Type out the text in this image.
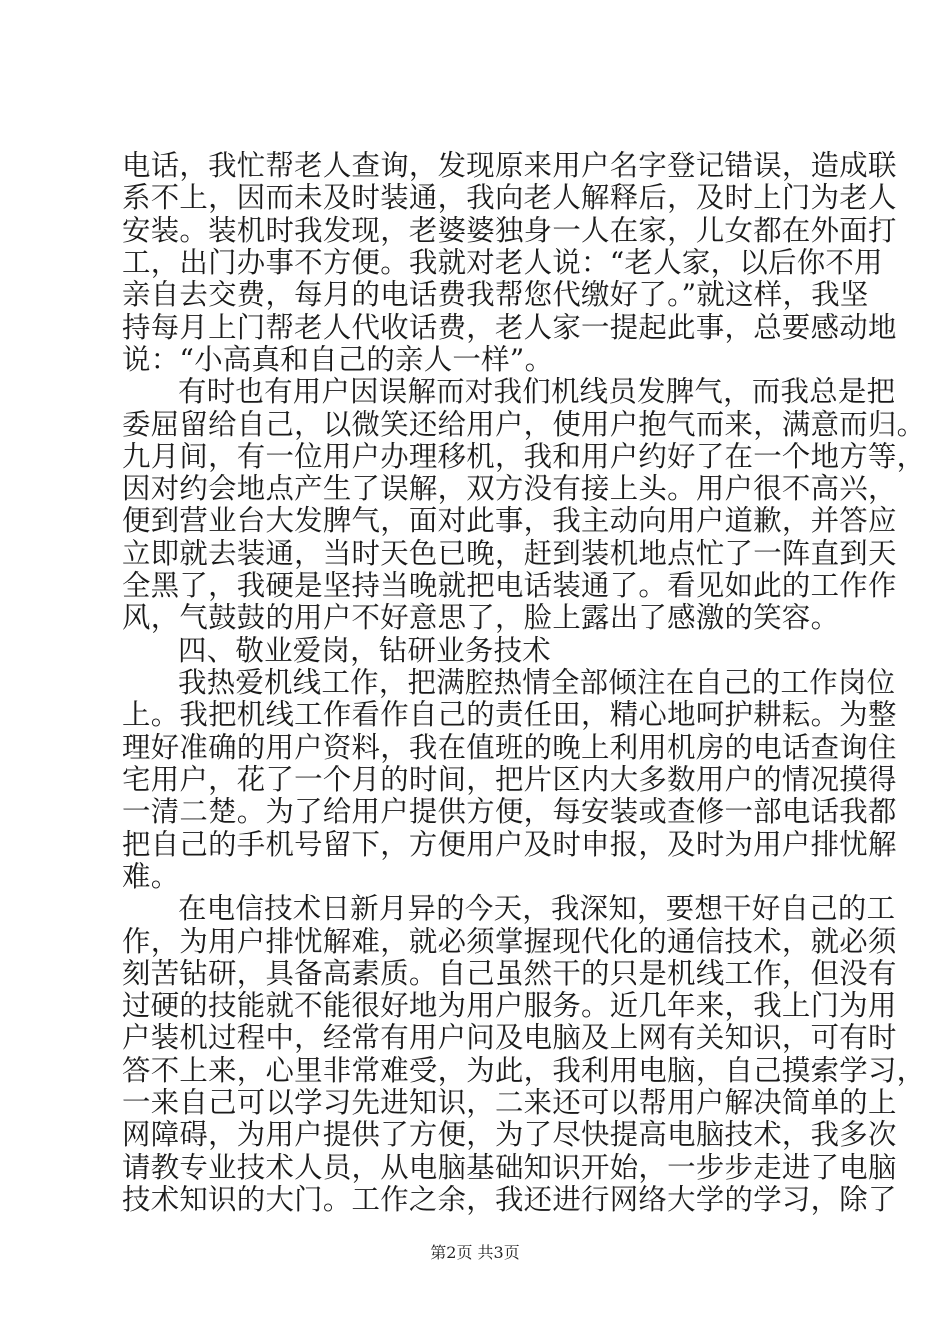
电话，我忙帮老人查询，发现原来用户名字登记错误，造成联
系不上，因而未及时装通，我向老人解释后，及时上门为老人
安装。装机时我发现，老婆婆独身一人在家，儿女都在外面打
工，出门办事不方便。我就对老人说：“老人家，以后你不用
亲自去交费，每月的电话费我帮您代缴好了。”就这样，我坚
持每月上门帮老人代收话费，老人家一提起此事，总要感动地
说：“小高真和自己的亲人一样”。
有时也有用户因误解而对我们机线员发脾气，而我总是把
委屈留给自己，以微笑还给用户，使用户抱气而来，满意而归。
九月间，有一位用户办理移机，我和用户约好了在一个地方等，
因对约会地点产生了误解，双方没有接上头。用户很不高兴，
便到营业台大发脾气，面对此事，我主动向用户道歉，并答应
立即就去装通，当时天色已晚，赶到装机地点忙了一阵直到天
全黑了，我硬是坚持当晚就把电话装通了。看见如此的工作作
风，气鼓鼓的用户不好意思了，脸上露出了感激的笑容。
四、敬业爱岗，钻研业务技术
我热爱机线工作，把满腔热情全部倾注在自己的工作岗位
上。我把机线工作看作自己的责任田，精心地呵护耕耘。为整
理好准确的用户资料，我在值班的晚上利用机房的电话查询住
宅用户，花了一个月的时间，把片区内大多数用户的情况摸得
一清二楚。为了给用户提供方便，每安装或查修一部电话我都
把自己的手机号留下，方便用户及时申报，及时为用户排忧解
难。
在电信技术日新月异的今天，我深知，要想干好自己的工
作，为用户排忧解难，就必须掌握现代化的通信技术，就必须
刻苦钻研，具备高素质。自己虽然干的只是机线工作，但没有
过硬的技能就不能很好地为用户服务。近几年来，我上门为用
户装机过程中，经常有用户问及电脑及上网有关知识，可有时
答不上来，心里非常难受，为此，我利用电脑，自己摸索学习，
一来自己可以学习先进知识，二来还可以帮用户解决简单的上
网障碍，为用户提供了方便，为了尽快提高电脑技术，我多次
请教专业技术人员，从电脑基础知识开始，一步步走进了电脑
技术知识的大门。工作之余，我还进行网络大学的学习，除了
第2页 共3页
